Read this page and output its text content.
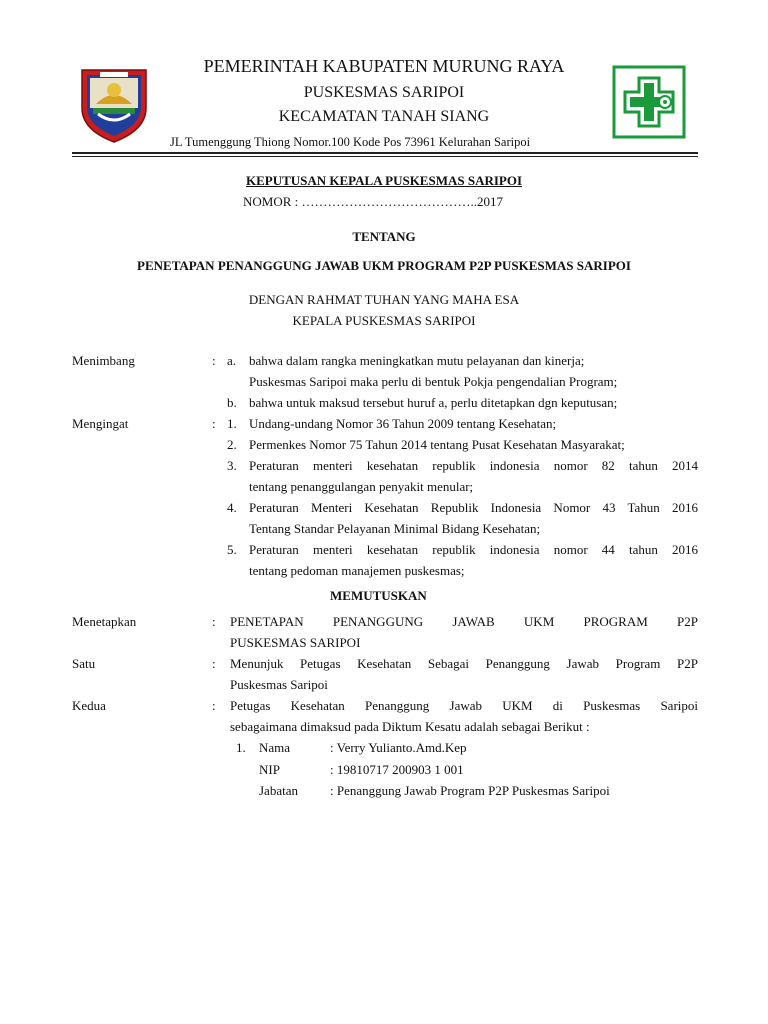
PEMERINTAH KABUPATEN MURUNG RAYA
PUSKESMAS SARIPOI
KECAMATAN TANAH SIANG
JL Tumenggung Thiong Nomor.100 Kode Pos 73961 Kelurahan Saripoi
KEPUTUSAN KEPALA PUSKESMAS SARIPOI
NOMOR : …………………………………..2017
TENTANG
PENETAPAN PENANGGUNG JAWAB UKM PROGRAM P2P PUSKESMAS SARIPOI
DENGAN RAHMAT TUHAN YANG MAHA ESA
KEPALA PUSKESMAS SARIPOI
Menimbang	: a. bahwa dalam rangka meningkatkan mutu pelayanan dan kinerja;
Puskesmas Saripoi maka perlu di bentuk Pokja pengendalian Program;
b. bahwa untuk maksud tersebut huruf a, perlu ditetapkan dgn keputusan;
Mengingat	: 1. Undang-undang Nomor 36 Tahun 2009 tentang Kesehatan;
2. Permenkes Nomor 75 Tahun 2014 tentang Pusat Kesehatan Masyarakat;
3. Peraturan menteri kesehatan republik indonesia nomor 82 tahun 2014
tentang penanggulangan penyakit menular;
4. Peraturan Menteri Kesehatan Republik Indonesia Nomor 43 Tahun 2016
Tentang Standar Pelayanan Minimal Bidang Kesehatan;
5. Peraturan menteri kesehatan republik indonesia nomor 44 tahun 2016
tentang pedoman manajemen puskesmas;
MEMUTUSKAN
Menetapkan	: PENETAPAN PENANGGUNG JAWAB UKM PROGRAM P2P
PUSKESMAS SARIPOI
Satu	: Menunjuk Petugas Kesehatan Sebagai Penanggung Jawab Program P2P
Puskesmas Saripoi
Kedua	: Petugas Kesehatan Penanggung Jawab UKM di Puskesmas Saripoi
sebagaimana dimaksud pada Diktum Kesatu adalah sebagai Berikut :
1. Nama	: Verry Yulianto.Amd.Kep
NIP	: 19810717 200903 1 001
Jabatan : Penanggung Jawab Program P2P Puskesmas Saripoi
